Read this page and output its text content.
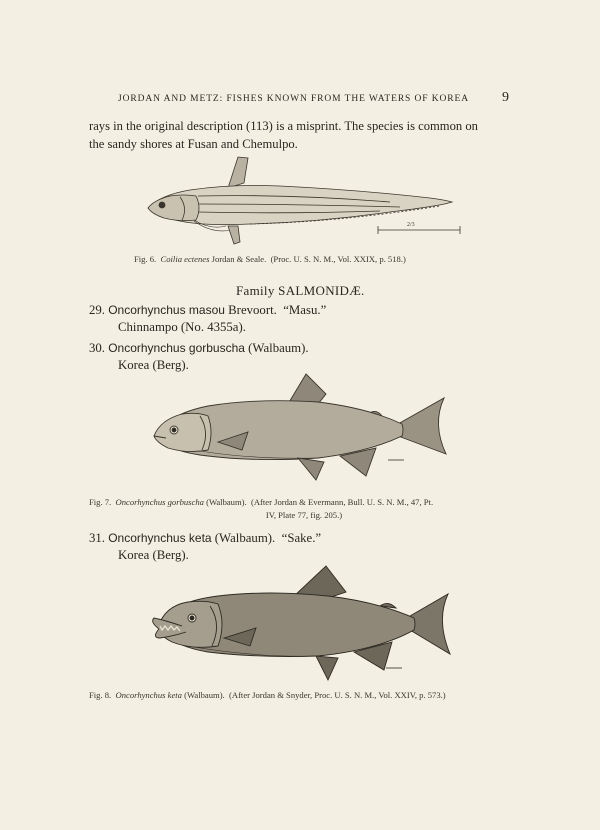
JORDAN AND METZ: FISHES KNOWN FROM THE WATERS OF KOREA 9

rays in the original description (113) is a misprint. The species is common on

the sandy shores at Fusan and Chemulpo.

2/3
Fig. 6. Coilia ectenes Jordan & Seale. (Proc. U. S. N. M., Vol. XXIX, p. 518.)
Family SALMONIDÆ.
29. Oncorhynchus masou Brevoort. “Masu.”
Chinnampo (No. 4355a).
30. Oncorhynchus gorbuscha (Walbaum).
Korea (Berg).
Fig. 7. Oncorhynchus gorbuscha (Walbaum). (After Jordan & Evermann, Bull. U. S. N. M., 47, Pt.
IV, Plate 77, fig. 205.)
31. Oncorhynchus keta (Walbaum). “Sake.”
Korea (Berg).
Fig. 8. Oncorhynchus keta (Walbaum). (After Jordan & Snyder, Proc. U. S. N. M., Vol. XXIV, p. 573.)
